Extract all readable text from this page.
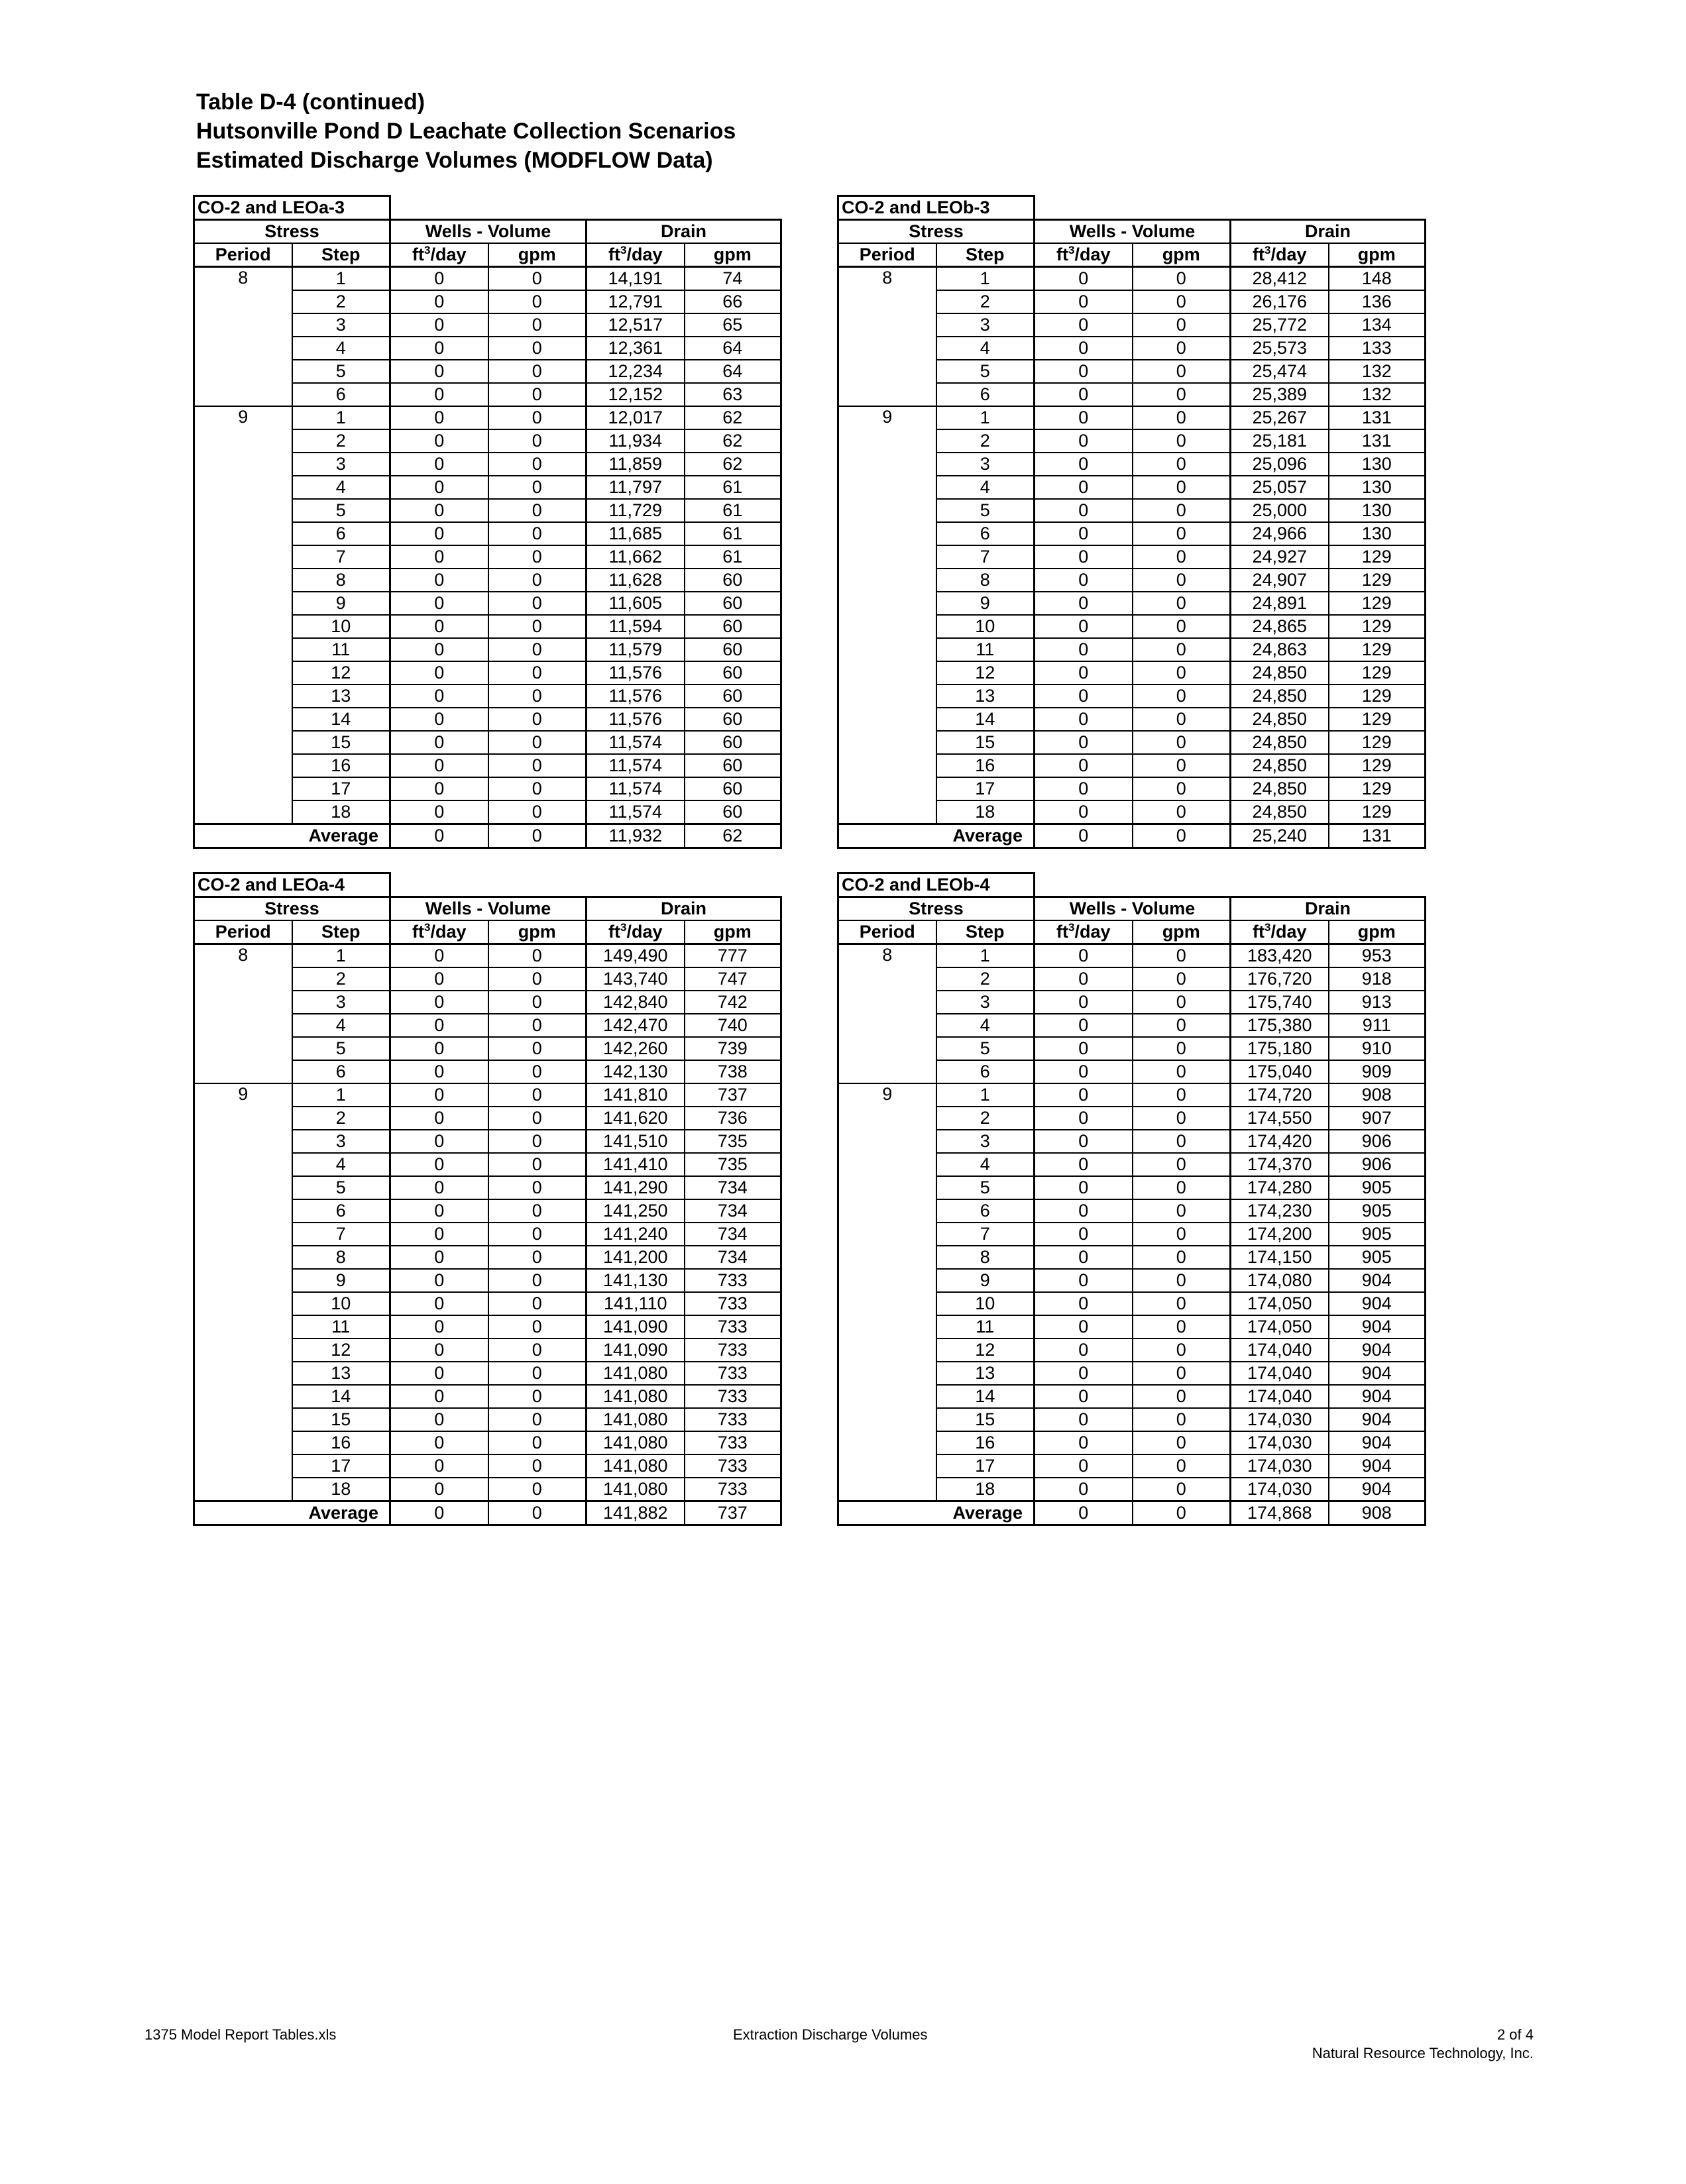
Table D-4 (continued)
Hutsonville Pond D Leachate Collection Scenarios
Estimated Discharge Volumes (MODFLOW Data)
CO-2 and LEOa-3					
Stress		Wells - Volume		Drain	
Period	Step	$ft^3$/day	gpm	$ft^3$/day	gpm
8	1	0	0	14,191	74
	2	0	0	12,791	66
	3	0	0	12,517	65
	4	0	0	12,361	64
	5	0	0	12,234	64
	6	0	0	12,152	63
9	1	0	0	12,017	62
	2	0	0	11,934	62
	3	0	0	11,859	62
	4	0	0	11,797	61
	5	0	0	11,729	61
	6	0	0	11,685	61
	7	0	0	11,662	61
	8	0	0	11,628	60
	9	0	0	11,605	60
	10	0	0	11,594	60
	11	0	0	11,579	60
	12	0	0	11,576	60
	13	0	0	11,576	60
	14	0	0	11,576	60
	15	0	0	11,574	60
	16	0	0	11,574	60
	17	0	0	11,574	60
	18	0	0	11,574	60
Average		0	0	11,932	62
CO-2 and LEOb-3					
Stress		Wells - Volume		Drain	
Period	Step	$ft^3$/day	gpm	$ft^3$/day	gpm
8	1	0	0	28,412	148
	2	0	0	26,176	136
	3	0	0	25,772	134
	4	0	0	25,573	133
	5	0	0	25,474	132
	6	0	0	25,389	132
9	1	0	0	25,267	131
	2	0	0	25,181	131
	3	0	0	25,096	130
	4	0	0	25,057	130
	5	0	0	25,000	130
	6	0	0	24,966	130
	7	0	0	24,927	129
	8	0	0	24,907	129
	9	0	0	24,891	129
	10	0	0	24,865	129
	11	0	0	24,863	129
	12	0	0	24,850	129
	13	0	0	24,850	129
	14	0	0	24,850	129
	15	0	0	24,850	129
	16	0	0	24,850	129
	17	0	0	24,850	129
	18	0	0	24,850	129
Average		0	0	25,240	131
CO-2 and LEOa-4					
Stress		Wells - Volume		Drain	
Period	Step	$ft^3$/day	gpm	$ft^3$/day	gpm
8	1	0	0	149,490	777
	2	0	0	143,740	747
	3	0	0	142,840	742
	4	0	0	142,470	740
	5	0	0	142,260	739
	6	0	0	142,130	738
9	1	0	0	141,810	737
	2	0	0	141,620	736
	3	0	0	141,510	735
	4	0	0	141,410	735
	5	0	0	141,290	734
	6	0	0	141,250	734
	7	0	0	141,240	734
	8	0	0	141,200	734
	9	0	0	141,130	733
	10	0	0	141,110	733
	11	0	0	141,090	733
	12	0	0	141,090	733
	13	0	0	141,080	733
	14	0	0	141,080	733
	15	0	0	141,080	733
	16	0	0	141,080	733
	17	0	0	141,080	733
	18	0	0	141,080	733
Average		0	0	141,882	737
CO-2 and LEOb-4					
Stress		Wells - Volume		Drain	
Period	Step	$ft^3$/day	gpm	$ft^3$/day	gpm
8	1	0	0	183,420	953
	2	0	0	176,720	918
	3	0	0	175,740	913
	4	0	0	175,380	911
	5	0	0	175,180	910
	6	0	0	175,040	909
9	1	0	0	174,720	908
	2	0	0	174,550	907
	3	0	0	174,420	906
	4	0	0	174,370	906
	5	0	0	174,280	905
	6	0	0	174,230	905
	7	0	0	174,200	905
	8	0	0	174,150	905
	9	0	0	174,080	904
	10	0	0	174,050	904
	11	0	0	174,050	904
	12	0	0	174,040	904
	13	0	0	174,040	904
	14	0	0	174,040	904
	15	0	0	174,030	904
	16	0	0	174,030	904
	17	0	0	174,030	904
	18	0	0	174,030	904
Average		0	0	174,868	908
1375 Model Report Tables.xls	Extraction Discharge Volumes	2 of 4
Natural Resource Technology, Inc.
